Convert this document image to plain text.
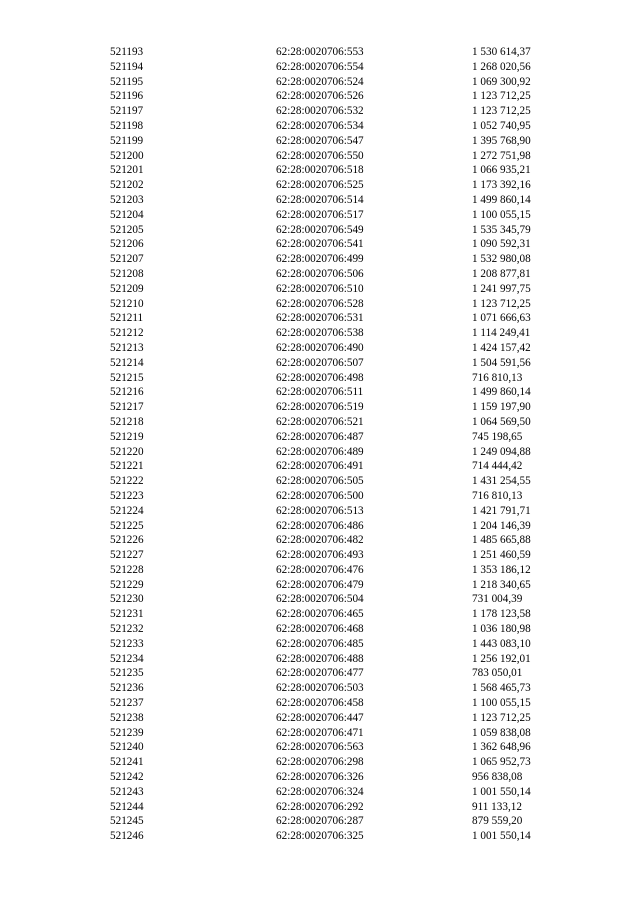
521193	62:28:0020706:553	1 530 614,37
521194	62:28:0020706:554	1 268 020,56
521195	62:28:0020706:524	1 069 300,92
521196	62:28:0020706:526	1 123 712,25
521197	62:28:0020706:532	1 123 712,25
521198	62:28:0020706:534	1 052 740,95
521199	62:28:0020706:547	1 395 768,90
521200	62:28:0020706:550	1 272 751,98
521201	62:28:0020706:518	1 066 935,21
521202	62:28:0020706:525	1 173 392,16
521203	62:28:0020706:514	1 499 860,14
521204	62:28:0020706:517	1 100 055,15
521205	62:28:0020706:549	1 535 345,79
521206	62:28:0020706:541	1 090 592,31
521207	62:28:0020706:499	1 532 980,08
521208	62:28:0020706:506	1 208 877,81
521209	62:28:0020706:510	1 241 997,75
521210	62:28:0020706:528	1 123 712,25
521211	62:28:0020706:531	1 071 666,63
521212	62:28:0020706:538	1 114 249,41
521213	62:28:0020706:490	1 424 157,42
521214	62:28:0020706:507	1 504 591,56
521215	62:28:0020706:498	716 810,13
521216	62:28:0020706:511	1 499 860,14
521217	62:28:0020706:519	1 159 197,90
521218	62:28:0020706:521	1 064 569,50
521219	62:28:0020706:487	745 198,65
521220	62:28:0020706:489	1 249 094,88
521221	62:28:0020706:491	714 444,42
521222	62:28:0020706:505	1 431 254,55
521223	62:28:0020706:500	716 810,13
521224	62:28:0020706:513	1 421 791,71
521225	62:28:0020706:486	1 204 146,39
521226	62:28:0020706:482	1 485 665,88
521227	62:28:0020706:493	1 251 460,59
521228	62:28:0020706:476	1 353 186,12
521229	62:28:0020706:479	1 218 340,65
521230	62:28:0020706:504	731 004,39
521231	62:28:0020706:465	1 178 123,58
521232	62:28:0020706:468	1 036 180,98
521233	62:28:0020706:485	1 443 083,10
521234	62:28:0020706:488	1 256 192,01
521235	62:28:0020706:477	783 050,01
521236	62:28:0020706:503	1 568 465,73
521237	62:28:0020706:458	1 100 055,15
521238	62:28:0020706:447	1 123 712,25
521239	62:28:0020706:471	1 059 838,08
521240	62:28:0020706:563	1 362 648,96
521241	62:28:0020706:298	1 065 952,73
521242	62:28:0020706:326	956 838,08
521243	62:28:0020706:324	1 001 550,14
521244	62:28:0020706:292	911 133,12
521245	62:28:0020706:287	879 559,20
521246	62:28:0020706:325	1 001 550,14
